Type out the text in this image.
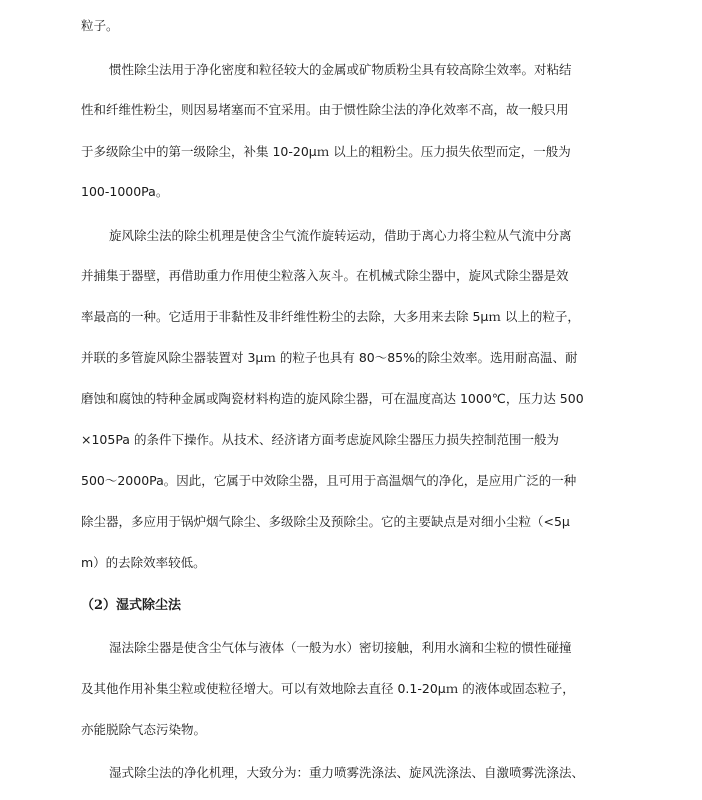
粒子。
惯性除尘法用于净化密度和粒径较大的金属或矿物质粉尘具有较高除尘效率。对粘结
性和纤维性粉尘，则因易堵塞而不宜采用。由于惯性除尘法的净化效率不高，故一般只用
于多级除尘中的第一级除尘，补集 10-20μｍ 以上的粗粉尘。压力损失依型而定，一般为
100-1000Pa。
旋风除尘法的除尘机理是使含尘气流作旋转运动，借助于离心力将尘粒从气流中分离
并捕集于器壁，再借助重力作用使尘粒落入灰斗。在机械式除尘器中，旋风式除尘器是效
率最高的一种。它适用于非黏性及非纤维性粉尘的去除，大多用来去除 5μｍ 以上的粒子，
并联的多管旋风除尘器装置对 3μｍ 的粒子也具有 80～85%的除尘效率。选用耐高温、耐
磨蚀和腐蚀的特种金属或陶瓷材料构造的旋风除尘器，可在温度高达 1000℃，压力达 500
×105Pa 的条件下操作。从技术、经济诸方面考虑旋风除尘器压力损失控制范围一般为
500～2000Pa。因此，它属于中效除尘器，且可用于高温烟气的净化，是应用广泛的一种
除尘器，多应用于锅炉烟气除尘、多级除尘及预除尘。它的主要缺点是对细小尘粒（<5μ
m）的去除效率较低。
（2）湿式除尘法
湿法除尘器是使含尘气体与液体（一般为水）密切接触，利用水滴和尘粒的惯性碰撞
及其他作用补集尘粒或使粒径增大。可以有效地除去直径 0.1-20μｍ 的液体或固态粒子，
亦能脱除气态污染物。
湿式除尘法的净化机理，大致分为：重力喷雾洗涤法、旋风洗涤法、自激喷雾洗涤法、
